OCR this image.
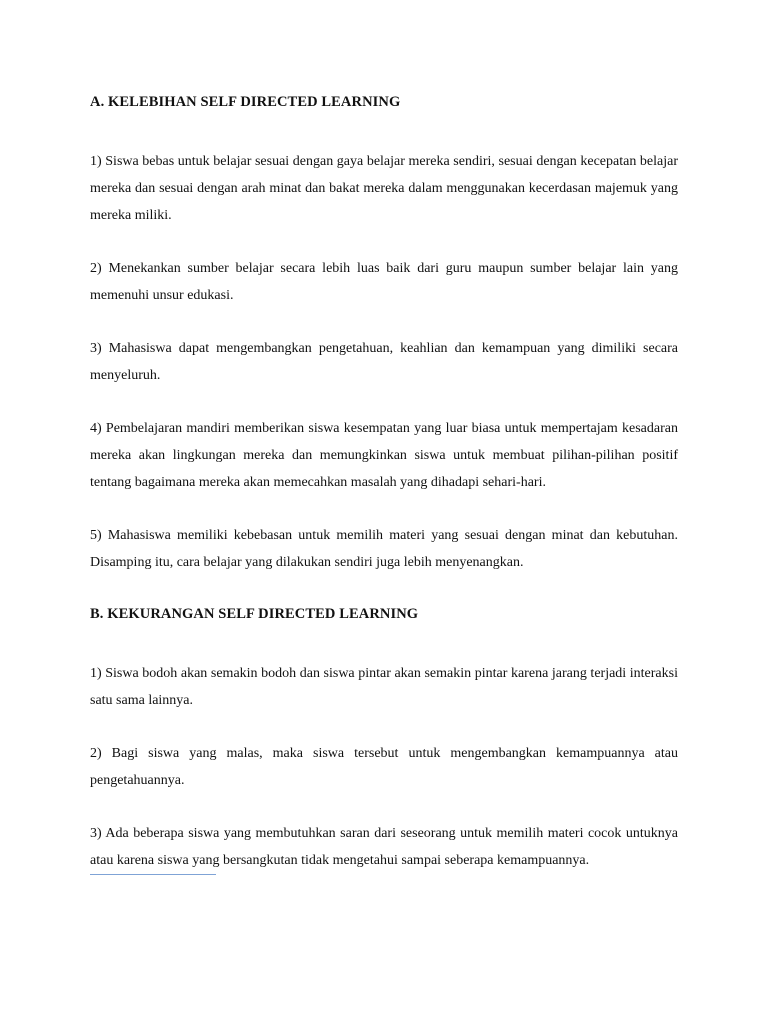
A. KELEBIHAN SELF DIRECTED LEARNING

1) Siswa bebas untuk belajar sesuai dengan gaya belajar mereka sendiri, sesuai dengan kecepatan belajar mereka dan sesuai dengan arah minat dan bakat mereka dalam menggunakan kecerdasan majemuk yang mereka miliki.

2) Menekankan sumber belajar secara lebih luas baik dari guru maupun sumber belajar lain yang memenuhi unsur edukasi.

3) Mahasiswa dapat mengembangkan pengetahuan, keahlian dan kemampuan yang dimiliki secara menyeluruh.

4) Pembelajaran mandiri memberikan siswa kesempatan yang luar biasa untuk mempertajam kesadaran mereka akan lingkungan mereka dan memungkinkan siswa untuk membuat pilihan-pilihan positif tentang bagaimana mereka akan memecahkan masalah yang dihadapi sehari-hari.

5) Mahasiswa memiliki kebebasan untuk memilih materi yang sesuai dengan minat dan kebutuhan. Disamping itu, cara belajar yang dilakukan sendiri juga lebih menyenangkan.

B. KEKURANGAN SELF DIRECTED LEARNING

1) Siswa bodoh akan semakin bodoh dan siswa pintar akan semakin pintar karena jarang terjadi interaksi satu sama lainnya.

2) Bagi siswa yang malas, maka siswa tersebut untuk mengembangkan kemampuannya atau pengetahuannya.

3) Ada beberapa siswa yang membutuhkan saran dari seseorang untuk memilih materi cocok untuknya atau karena siswa yang bersangkutan tidak mengetahui sampai seberapa kemampuannya.
